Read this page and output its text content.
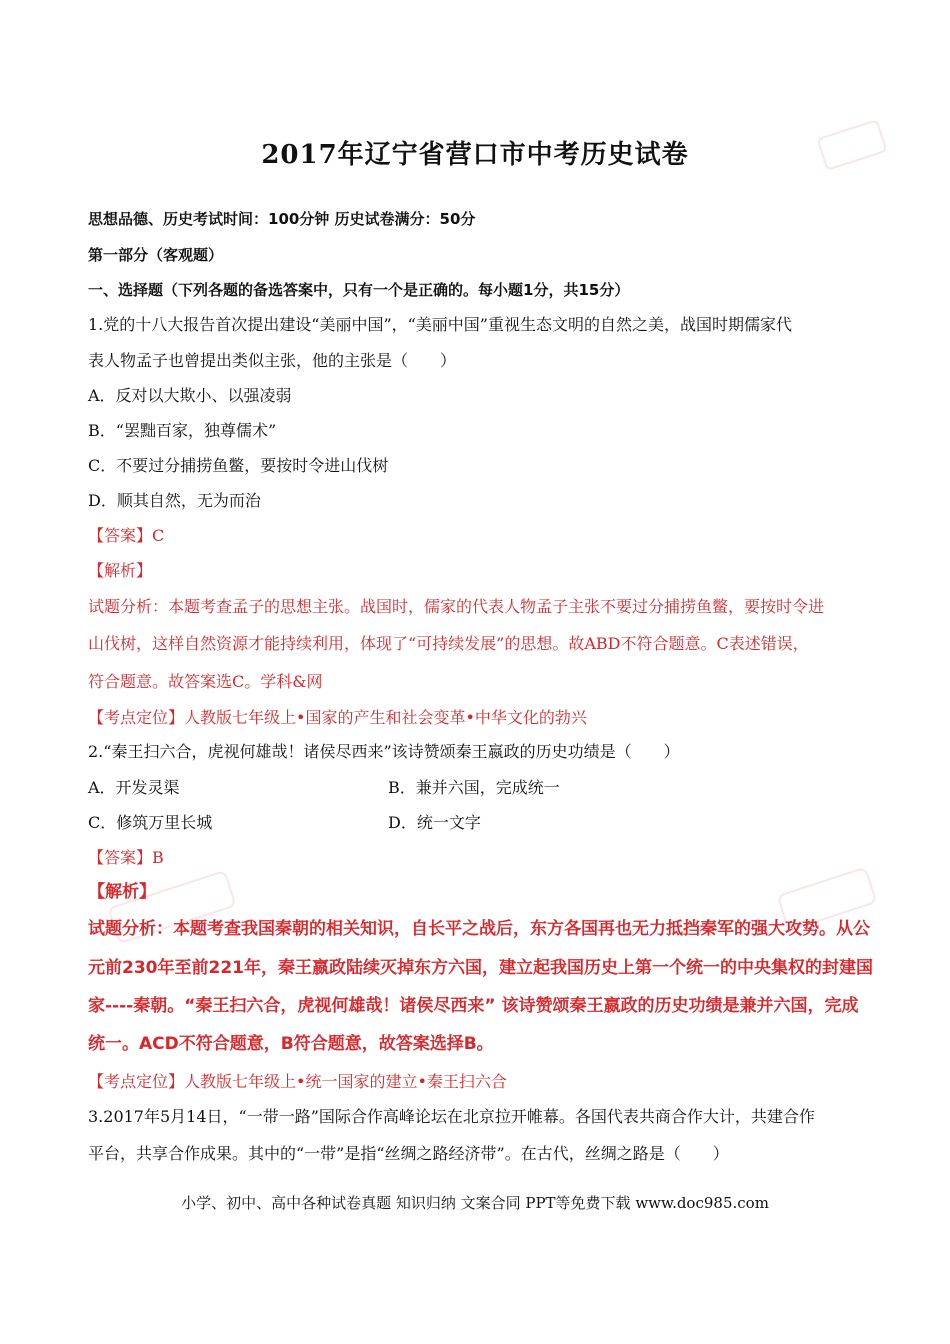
2017年辽宁省营口市中考历史试卷
思想品德、历史考试时间：100分钟 历史试卷满分：50分
第一部分（客观题）
一、选择题（下列各题的备选答案中，只有一个是正确的。每小题1分，共15分）
1.党的十八大报告首次提出建设“美丽中国”，“美丽中国”重视生态文明的自然之美，战国时期儒家代
表人物孟子也曾提出类似主张，他的主张是（　　）
A．反对以大欺小、以强凌弱
B．“罢黜百家，独尊儒术”
C．不要过分捕捞鱼鳖，要按时令进山伐树
D．顺其自然，无为而治
【答案】C
【解析】
试题分析：本题考查孟子的思想主张。战国时，儒家的代表人物孟子主张不要过分捕捞鱼鳖，要按时令进
山伐树，这样自然资源才能持续利用，体现了“可持续发展”的思想。故ABD不符合题意。C表述错误，
符合题意。故答案选C。学科&网
【考点定位】人教版七年级上•国家的产生和社会变革•中华文化的勃兴
2.“秦王扫六合，虎视何雄哉！诸侯尽西来”该诗赞颂秦王嬴政的历史功绩是（　　）
A．开发灵渠	B．兼并六国，完成统一
C．修筑万里长城	D．统一文字
【答案】B
【解析】
试题分析：本题考查我国秦朝的相关知识，自长平之战后，东方各国再也无力抵挡秦军的强大攻势。从公
元前230年至前221年，秦王嬴政陆续灭掉东方六国，建立起我国历史上第一个统一的中央集权的封建国
家----秦朝。“秦王扫六合，虎视何雄哉！诸侯尽西来” 该诗赞颂秦王嬴政的历史功绩是兼并六国，完成
统一。ACD不符合题意，B符合题意，故答案选择B。
【考点定位】人教版七年级上•统一国家的建立•秦王扫六合
3.2017年5月14日，“一带一路”国际合作高峰论坛在北京拉开帷幕。各国代表共商合作大计，共建合作
平台，共享合作成果。其中的“一带”是指“丝绸之路经济带”。在古代，丝绸之路是（　　）
小学、初中、高中各种试卷真题 知识归纳 文案合同 PPT等免费下载 www.doc985.com
